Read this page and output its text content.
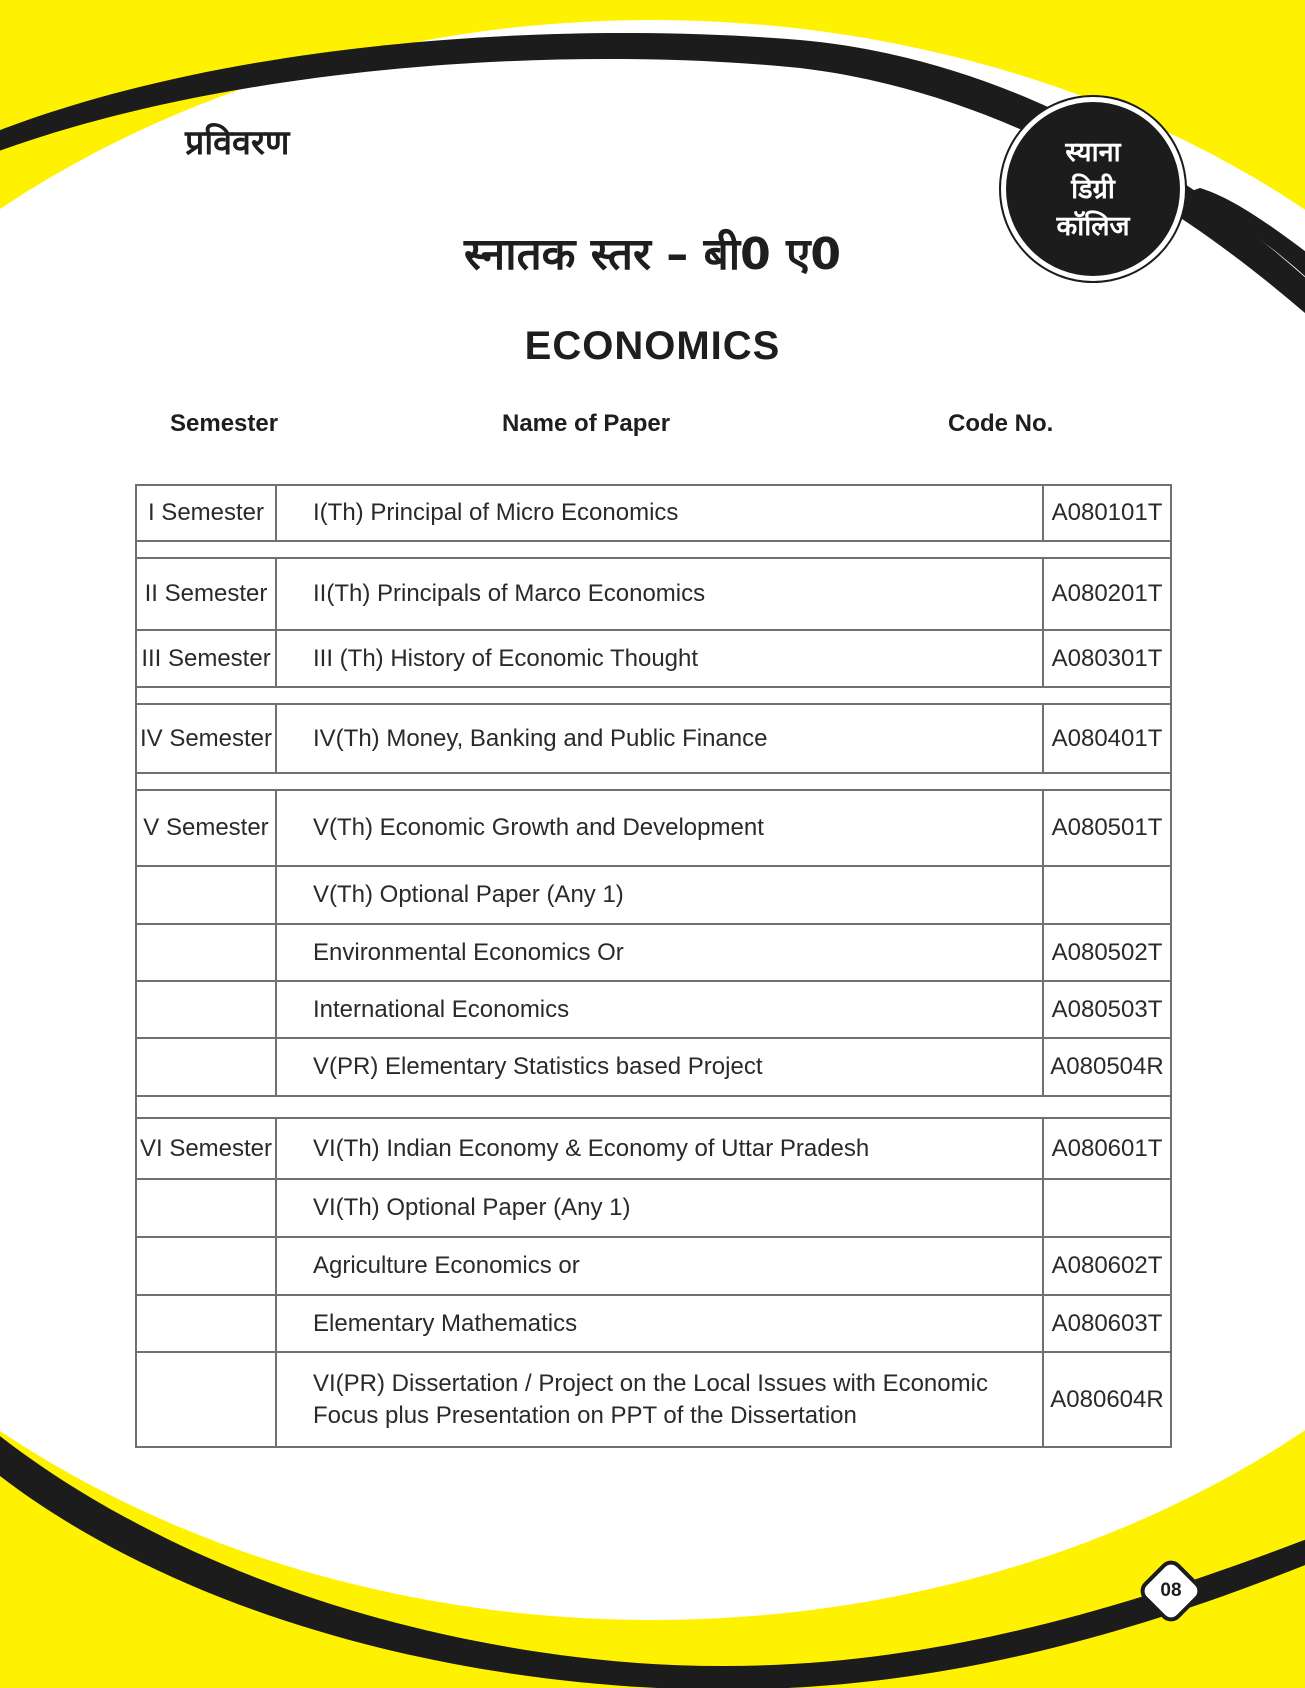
प्रविवरण	स्याना
डिग्री
कॉलिज
स्नातक स्तर – बी0 ए0
ECONOMICS
Semester	Name of Paper	Code No.
I Semester	I(Th) Principal of Micro Economics	A080101T

II Semester	II(Th) Principals of Marco Economics	A080201T
III Semester	III (Th) History of Economic Thought	A080301T

IV Semester	IV(Th) Money, Banking and Public Finance	A080401T

V Semester	V(Th) Economic Growth and Development	A080501T
	V(Th) Optional Paper (Any 1)	
	Environmental Economics Or	A080502T
	International Economics	A080503T
	V(PR) Elementary Statistics based Project	A080504R

VI Semester	VI(Th) Indian Economy & Economy of Uttar Pradesh	A080601T
	VI(Th) Optional Paper (Any 1)	
	Agriculture Economics or	A080602T
	Elementary Mathematics	A080603T
	VI(PR) Dissertation / Project on the Local Issues with Economic Focus plus Presentation on PPT of the Dissertation	A080604R
08
